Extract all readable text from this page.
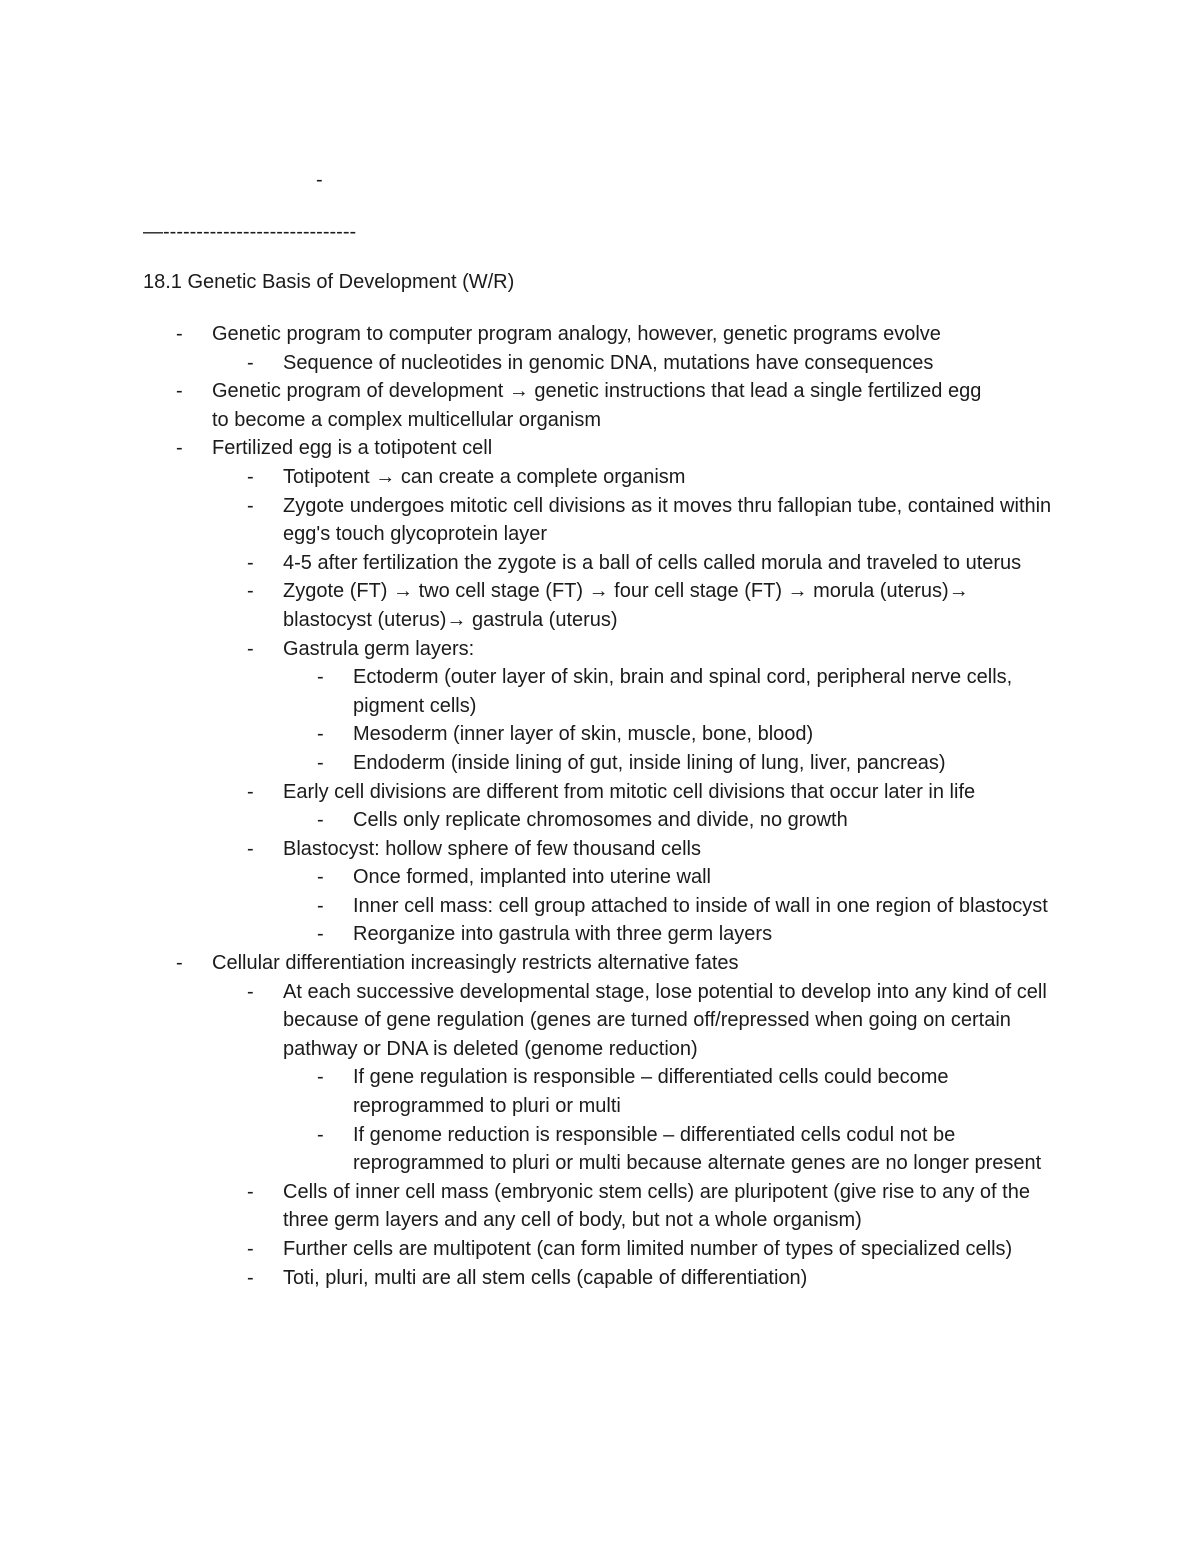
-
—-----------------------------
18.1 Genetic Basis of Development (W/R)
- Genetic program to computer program analogy, however, genetic programs evolve
- Sequence of nucleotides in genomic DNA, mutations have consequences
- Genetic program of development → genetic instructions that lead a single fertilized egg to become a complex multicellular organism
- Fertilized egg is a totipotent cell
- Totipotent → can create a complete organism
- Zygote undergoes mitotic cell divisions as it moves thru fallopian tube, contained within egg's touch glycoprotein layer
- 4-5 after fertilization the zygote is a ball of cells called morula and traveled to uterus
- Zygote (FT) → two cell stage (FT) → four cell stage (FT) → morula (uterus)→ blastocyst (uterus)→ gastrula (uterus)
- Gastrula germ layers:
- Ectoderm (outer layer of skin, brain and spinal cord, peripheral nerve cells, pigment cells)
- Mesoderm (inner layer of skin, muscle, bone, blood)
- Endoderm (inside lining of gut, inside lining of lung, liver, pancreas)
- Early cell divisions are different from mitotic cell divisions that occur later in life
- Cells only replicate chromosomes and divide, no growth
- Blastocyst: hollow sphere of few thousand cells
- Once formed, implanted into uterine wall
- Inner cell mass: cell group attached to inside of wall in one region of blastocyst
- Reorganize into gastrula with three germ layers
- Cellular differentiation increasingly restricts alternative fates
- At each successive developmental stage, lose potential to develop into any kind of cell because of gene regulation (genes are turned off/repressed when going on certain pathway or DNA is deleted (genome reduction)
- If gene regulation is responsible – differentiated cells could become reprogrammed to pluri or multi
- If genome reduction is responsible – differentiated cells codul not be reprogrammed to pluri or multi because alternate genes are no longer present
- Cells of inner cell mass (embryonic stem cells) are pluripotent (give rise to any of the three germ layers and any cell of body, but not a whole organism)
- Further cells are multipotent (can form limited number of types of specialized cells)
- Toti, pluri, multi are all stem cells (capable of differentiation)
